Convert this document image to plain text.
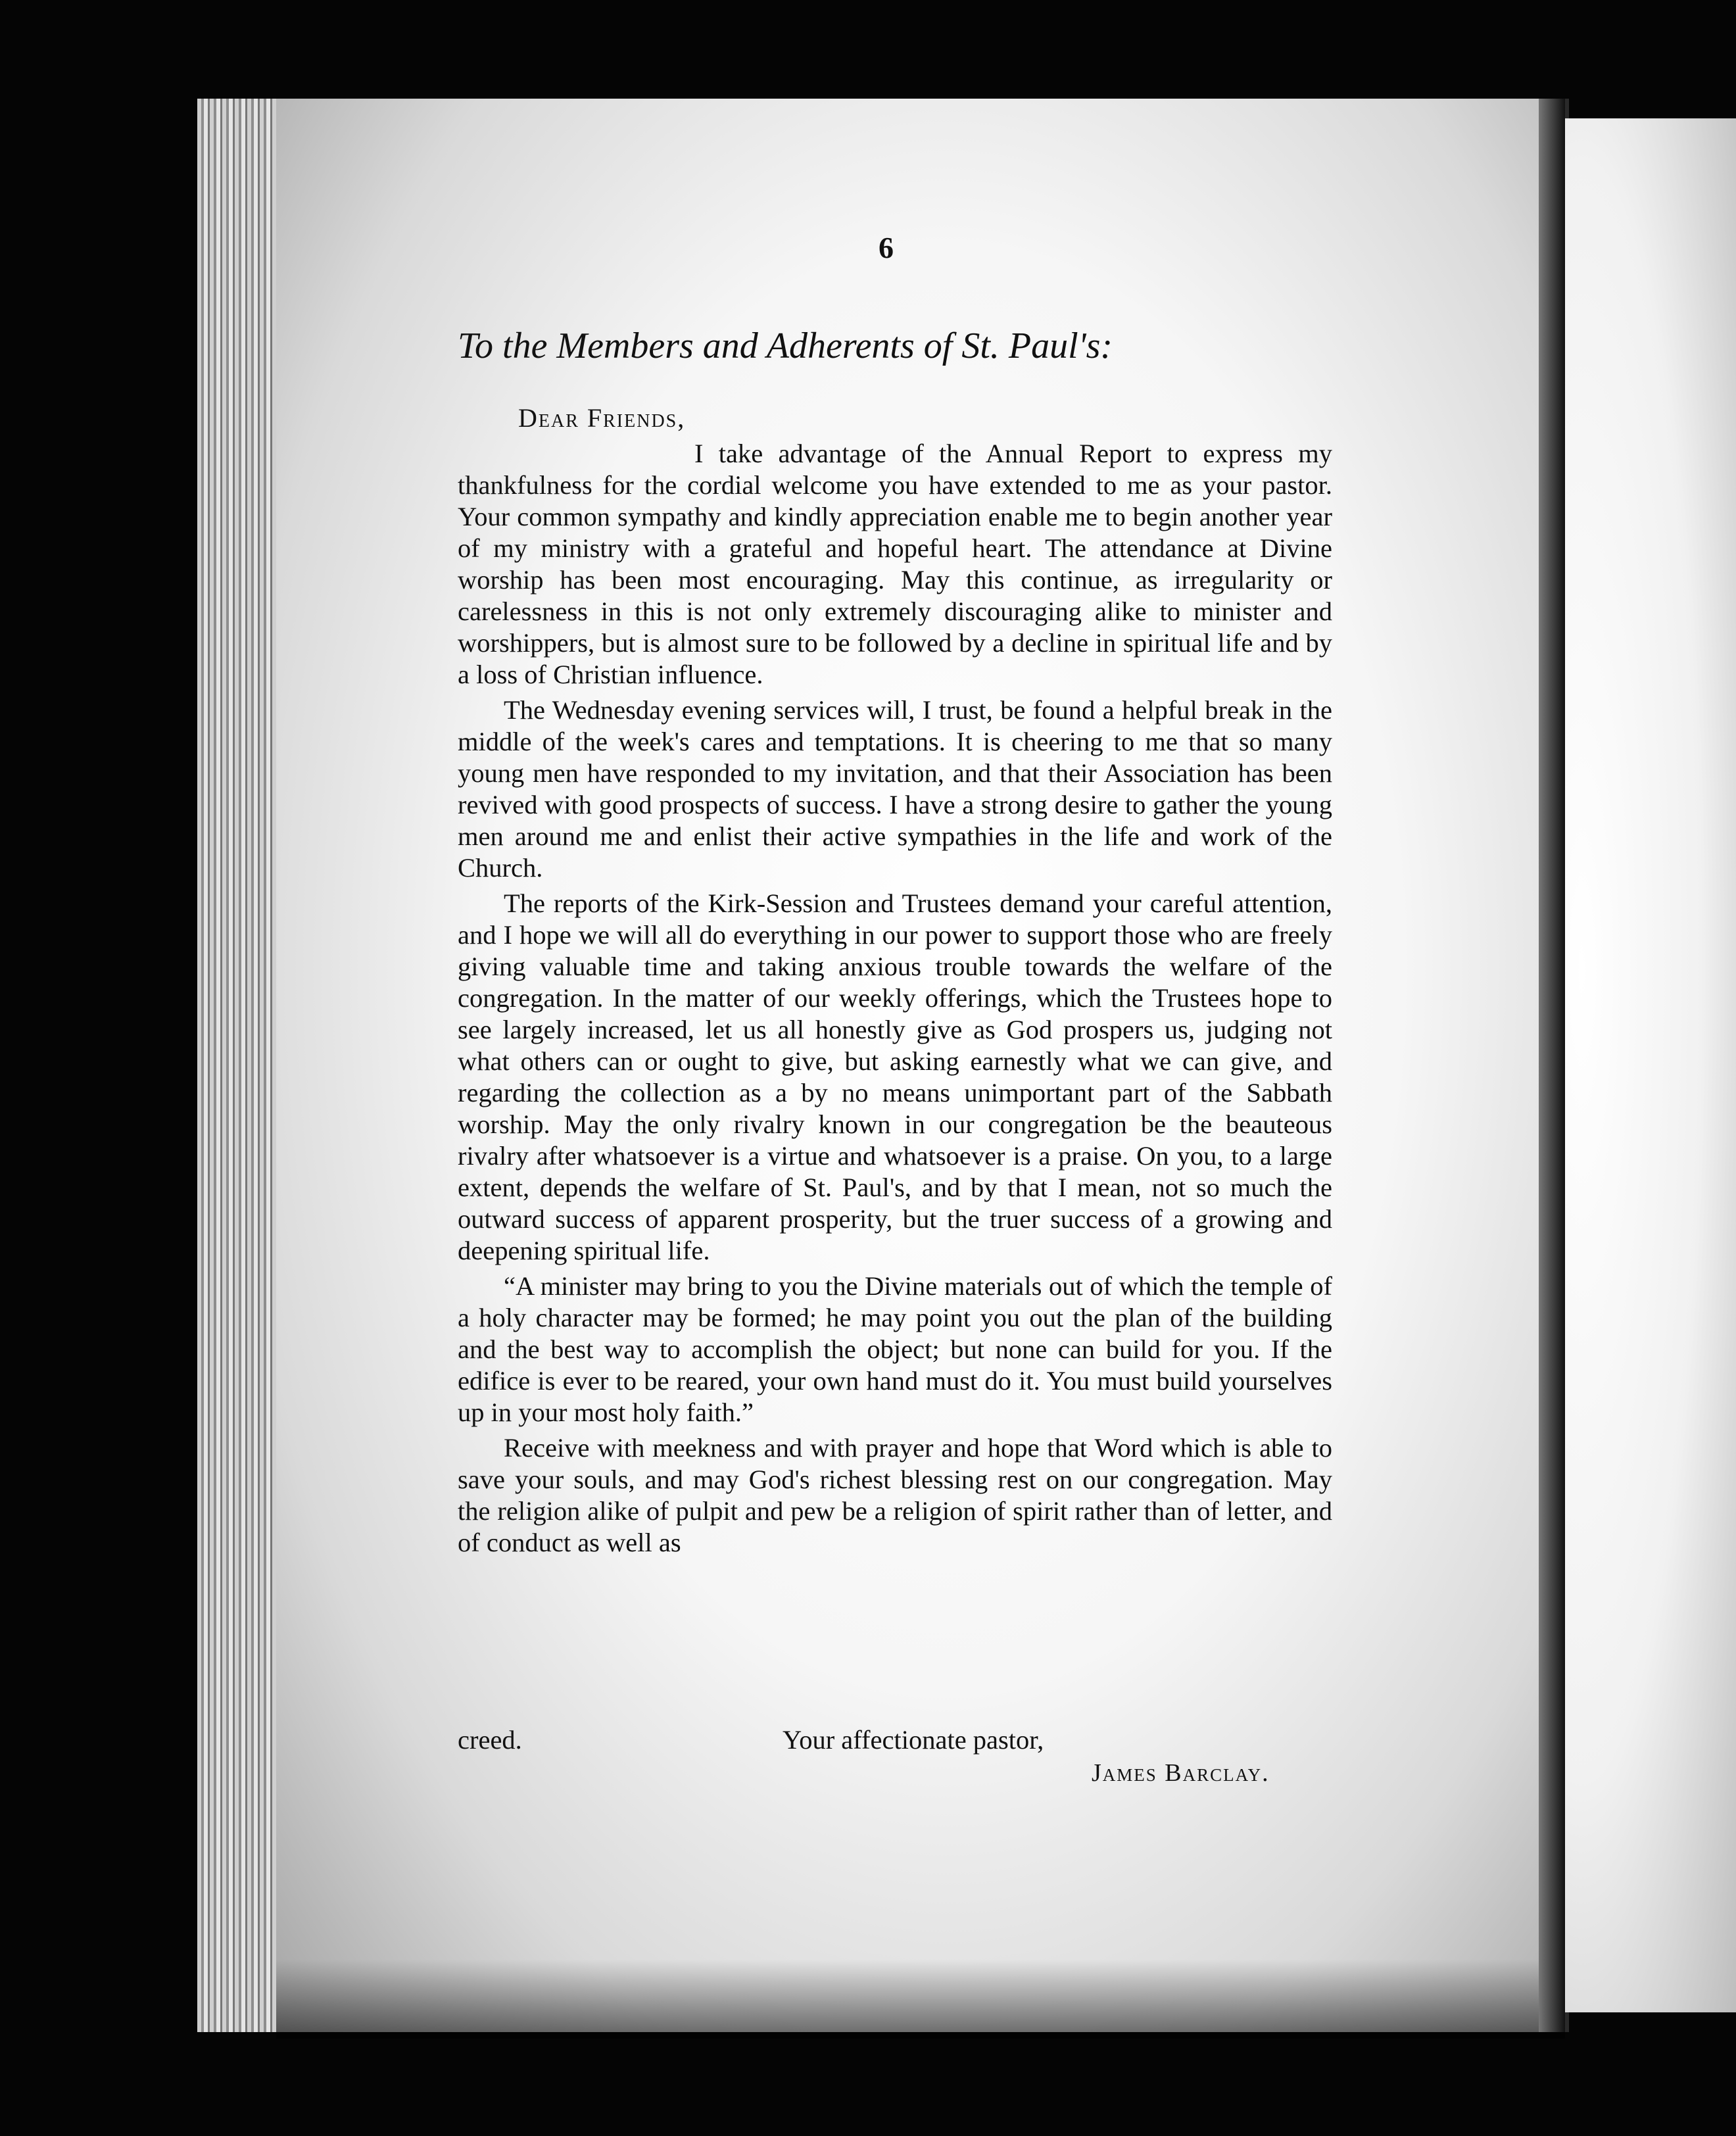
6
To the Members and Adherents of St. Paul's:
Dear Friends,

I take advantage of the Annual Report to express my thankfulness for the cordial welcome you have extended to me as your pastor. Your common sympathy and kindly appreciation enable me to begin another year of my ministry with a grateful and hopeful heart. The attendance at Divine worship has been most encouraging. May this continue, as irregularity or carelessness in this is not only extremely discouraging alike to minister and worshippers, but is almost sure to be followed by a decline in spiritual life and by a loss of Christian influence.

The Wednesday evening services will, I trust, be found a helpful break in the middle of the week's cares and temptations. It is cheering to me that so many young men have responded to my invitation, and that their Association has been revived with good prospects of success. I have a strong desire to gather the young men around me and enlist their active sympathies in the life and work of the Church.

The reports of the Kirk-Session and Trustees demand your careful attention, and I hope we will all do everything in our power to support those who are freely giving valuable time and taking anxious trouble towards the welfare of the congregation. In the matter of our weekly offerings, which the Trustees hope to see largely increased, let us all honestly give as God prospers us, judging not what others can or ought to give, but asking earnestly what we can give, and regarding the collection as a by no means unimportant part of the Sabbath worship. May the only rivalry known in our congregation be the beauteous rivalry after whatsoever is a virtue and whatsoever is a praise. On you, to a large extent, depends the welfare of St. Paul's, and by that I mean, not so much the outward success of apparent prosperity, but the truer success of a growing and deepening spiritual life.

“A minister may bring to you the Divine materials out of which the temple of a holy character may be formed; he may point you out the plan of the building and the best way to accomplish the object; but none can build for you. If the edifice is ever to be reared, your own hand must do it. You must build yourselves up in your most holy faith.”

Receive with meekness and with prayer and hope that Word which is able to save your souls, and may God's richest blessing rest on our congregation. May the religion alike of pulpit and pew be a religion of spirit rather than of letter, and of conduct as well as

creed.	Your affectionate pastor,
James Barclay.
